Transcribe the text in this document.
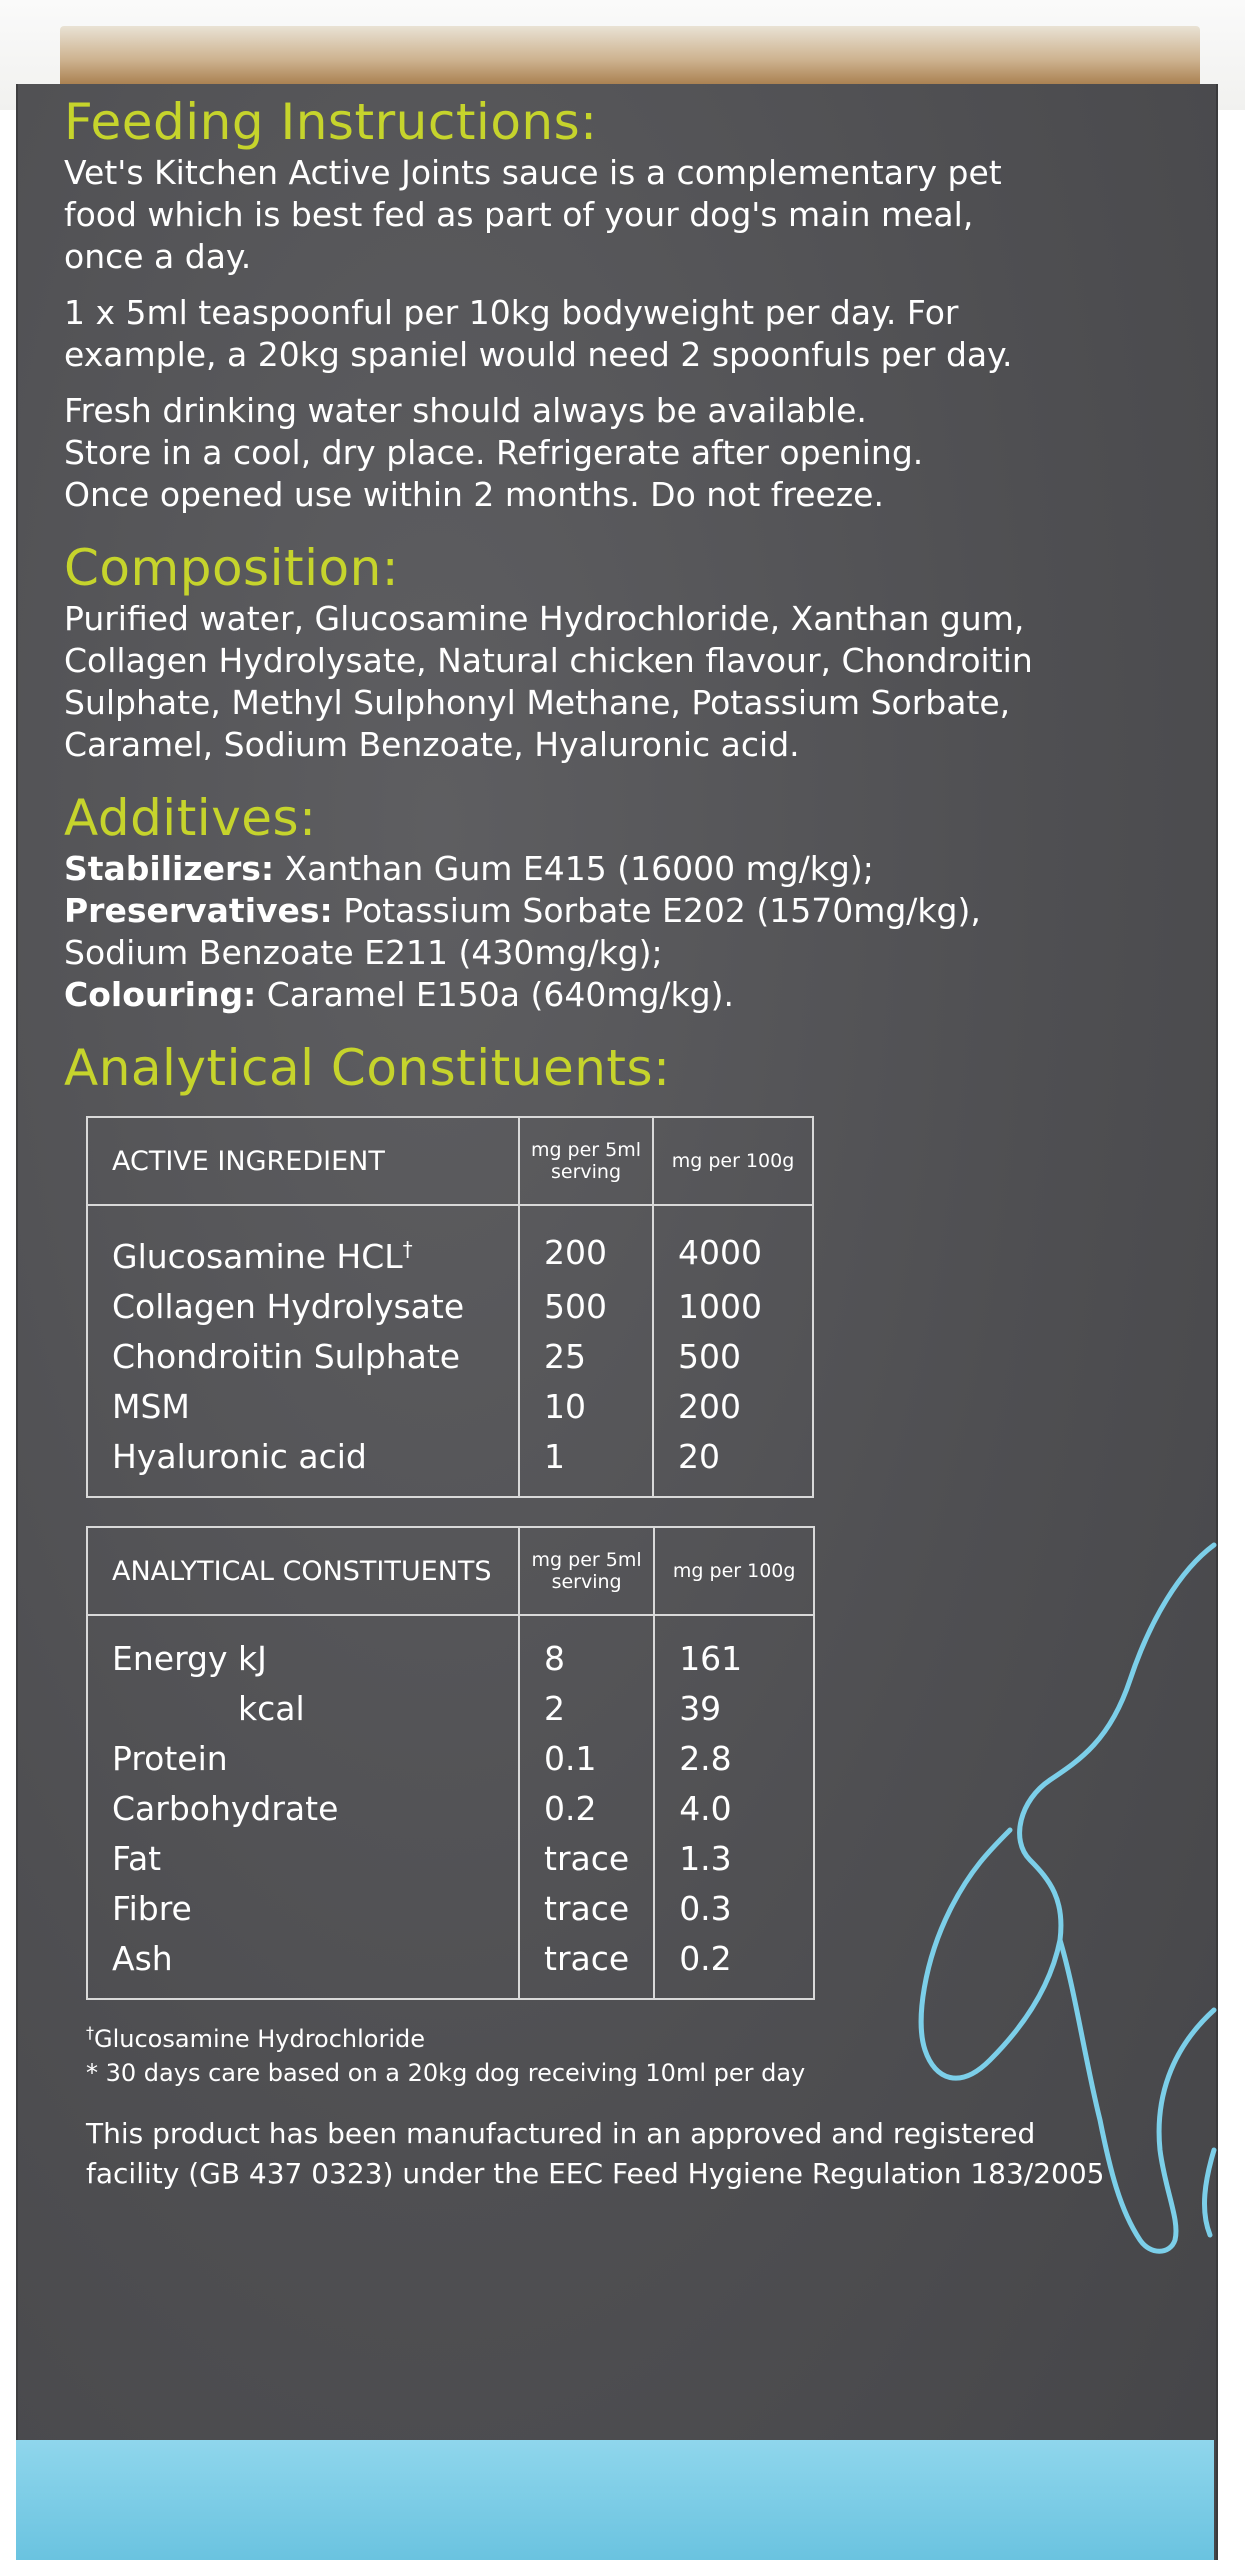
Feeding Instructions:

Vet's Kitchen Active Joints sauce is a complementary pet

food which is best fed as part of your dog's main meal,

once a day.

1 x 5ml teaspoonful per 10kg bodyweight per day. For

example, a 20kg spaniel would need 2 spoonfuls per day.

Fresh drinking water should always be available.

Store in a cool, dry place. Refrigerate after opening.

Once opened use within 2 months. Do not freeze.

Composition:

Purified water, Glucosamine Hydrochloride, Xanthan gum,

Collagen Hydrolysate, Natural chicken flavour, Chondroitin

Sulphate, Methyl Sulphonyl Methane, Potassium Sorbate,

Caramel, Sodium Benzoate, Hyaluronic acid.

Additives:

Stabilizers: Xanthan Gum E415 (16000 mg/kg);

Preservatives: Potassium Sorbate E202 (1570mg/kg),

Sodium Benzoate E211 (430mg/kg);

Colouring: Caramel E150a (640mg/kg).

Analytical Constituents:
ACTIVE INGREDIENT	mg per 5ml serving	mg per 100g
Glucosamine HCL†	200	4000
Collagen Hydrolysate	500	1000
Chondroitin Sulphate	25	500
MSM	10	200
Hyaluronic acid	1	20
ANALYTICAL CONSTITUENTS	mg per 5ml serving	mg per 100g
Energy kJ	8	161
kcal	2	39
Protein	0.1	2.8
Carbohydrate	0.2	4.0
Fat	trace	1.3
Fibre	trace	0.3
Ash	trace	0.2

†Glucosamine Hydrochloride

* 30 days care based on a 20kg dog receiving 10ml per day

This product has been manufactured in an approved and registered

facility (GB 437 0323) under the EEC Feed Hygiene Regulation 183/2005
